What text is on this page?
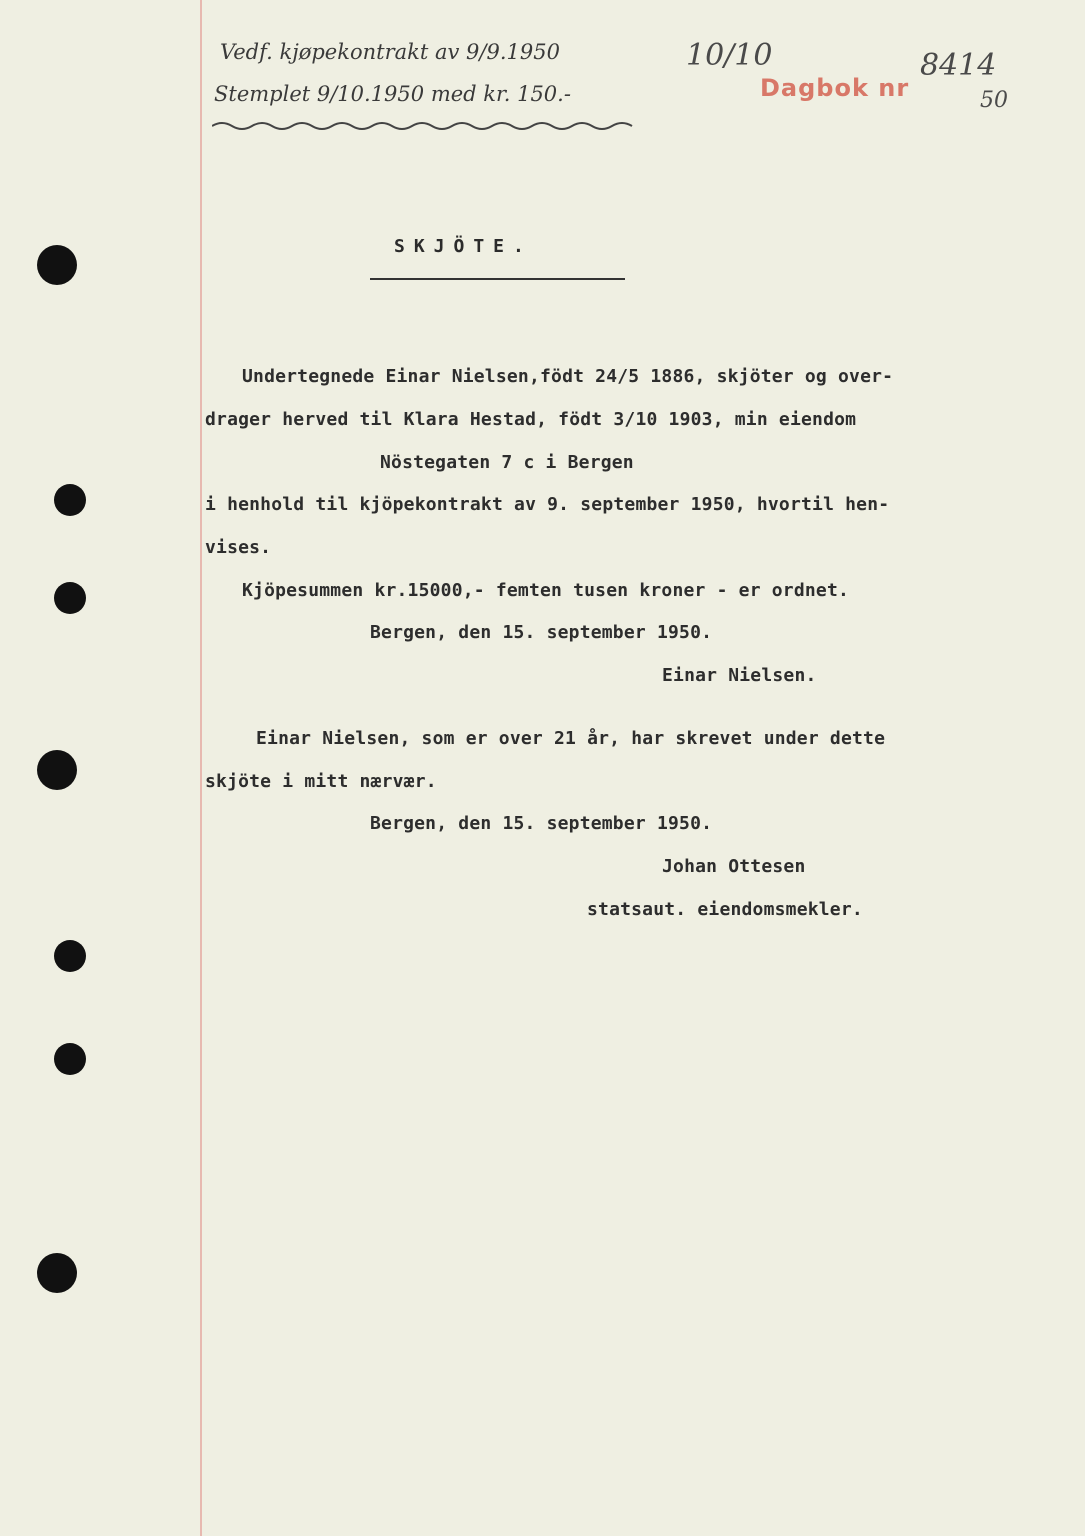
Vedf. kjøpekontrakt av 9/9.1950
Stemplet 9/10.1950 med kr. 150.-
10/10
Dagbok nr
8414
50
SKJÖTE.
Undertegnede Einar Nielsen,födt 24/5 1886, skjöter og over-
drager herved til Klara Hestad, födt 3/10 1903, min eiendom
Nöstegaten 7 c i Bergen
i henhold til kjöpekontrakt av 9. september 1950, hvortil hen-
vises.
Kjöpesummen kr.15000,- femten tusen kroner - er ordnet.
Bergen, den 15. september 1950.
Einar Nielsen.
Einar Nielsen, som er over 21 år, har skrevet under dette
skjöte i mitt nærvær.
Bergen, den 15. september 1950.
Johan Ottesen
statsaut. eiendomsmekler.
